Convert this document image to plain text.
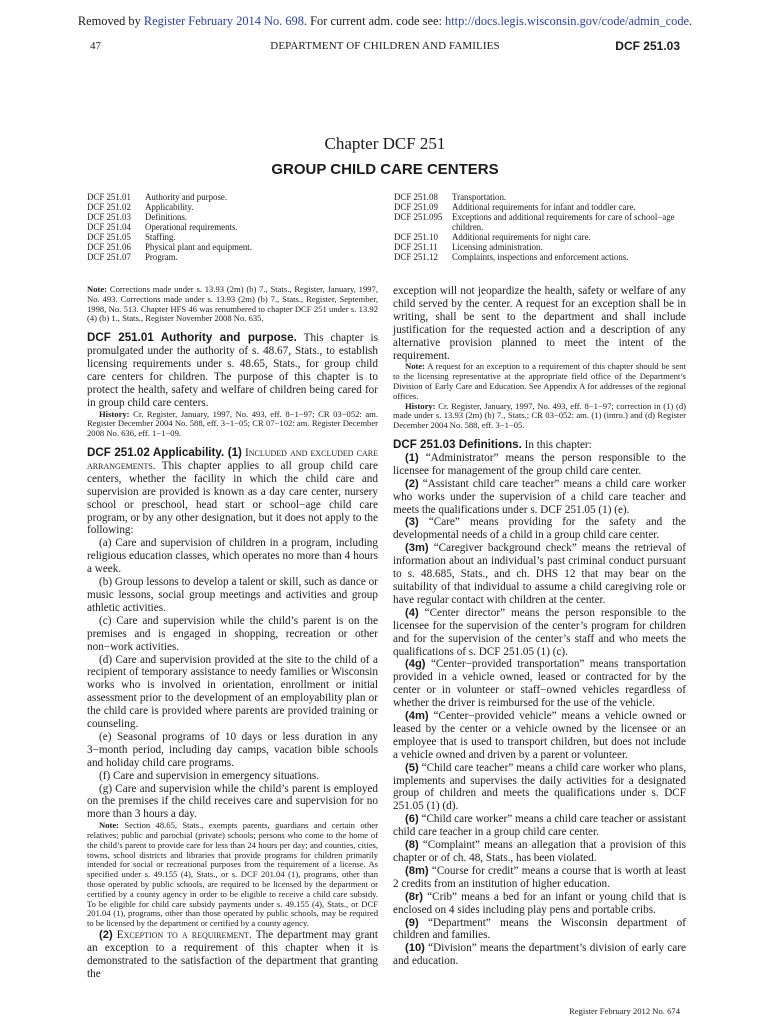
Removed by Register February 2014 No. 698. For current adm. code see: http://docs.legis.wisconsin.gov/code/admin_code.
47	DEPARTMENT OF CHILDREN AND FAMILIES	DCF 251.03
Chapter DCF 251
GROUP CHILD CARE CENTERS
DCF 251.01	Authority and purpose.
DCF 251.02	Applicability.
DCF 251.03	Definitions.
DCF 251.04	Operational requirements.
DCF 251.05	Staffing.
DCF 251.06	Physical plant and equipment.
DCF 251.07	Program.
DCF 251.08	Transportation.
DCF 251.09	Additional requirements for infant and toddler care.
DCF 251.095	Exceptions and additional requirements for care of school−age children.
DCF 251.10	Additional requirements for night care.
DCF 251.11	Licensing administration.
DCF 251.12	Complaints, inspections and enforcement actions.

Note: Corrections made under s. 13.93 (2m) (b) 7., Stats., Register, January, 1997, No. 493. Corrections made under s. 13.93 (2m) (b) 7., Stats., Register, September, 1998, No. 513. Chapter HFS 46 was renumbered to chapter DCF 251 under s. 13.92 (4) (b) 1., Stats., Register November 2008 No. 635.

DCF 251.01 Authority and purpose. This chapter is promulgated under the authority of s. 48.67, Stats., to establish licensing requirements under s. 48.65, Stats., for group child care centers for children. The purpose of this chapter is to protect the health, safety and welfare of children being cared for in group child care centers.

History: Cr. Register, January, 1997, No. 493, eff. 8−1−97; CR 03−052: am. Register December 2004 No. 588, eff. 3−1−05; CR 07−102: am. Register December 2008 No. 636, eff. 1−1−09.

DCF 251.02 Applicability. (1) Included and excluded care arrangements. This chapter applies to all group child care centers, whether the facility in which the child care and supervision are provided is known as a day care center, nursery school or preschool, head start or school−age child care program, or by any other designation, but it does not apply to the following:

(a) Care and supervision of children in a program, including religious education classes, which operates no more than 4 hours a week.

(b) Group lessons to develop a talent or skill, such as dance or music lessons, social group meetings and activities and group athletic activities.

(c) Care and supervision while the child’s parent is on the premises and is engaged in shopping, recreation or other non−work activities.

(d) Care and supervision provided at the site to the child of a recipient of temporary assistance to needy families or Wisconsin works who is involved in orientation, enrollment or initial assessment prior to the development of an employability plan or the child care is provided where parents are provided training or counseling.

(e) Seasonal programs of 10 days or less duration in any 3−month period, including day camps, vacation bible schools and holiday child care programs.

(f) Care and supervision in emergency situations.

(g) Care and supervision while the child’s parent is employed on the premises if the child receives care and supervision for no more than 3 hours a day.

Note: Section 48.65, Stats., exempts parents, guardians and certain other relatives; public and parochial (private) schools; persons who come to the home of the child’s parent to provide care for less than 24 hours per day; and counties, cities, towns, school districts and libraries that provide programs for children primarily intended for social or recreational purposes from the requirement of a license. As specified under s. 49.155 (4), Stats., or s. DCF 201.04 (1), programs, other than those operated by public schools, are required to be licensed by the department or certified by a county agency in order to be eligible to receive a child care subsidy. To be eligible for child care subsidy payments under s. 49.155 (4), Stats., or DCF 201.04 (1), programs, other than those operated by public schools, may be required to be licensed by the department or certified by a county agency.

(2) Exception to a requirement. The department may grant an exception to a requirement of this chapter when it is demonstrated to the satisfaction of the department that granting the

exception will not jeopardize the health, safety or welfare of any child served by the center. A request for an exception shall be in writing, shall be sent to the department and shall include justification for the requested action and a description of any alternative provision planned to meet the intent of the requirement.

Note: A request for an exception to a requirement of this chapter should be sent to the licensing representative at the appropriate field office of the Department’s Division of Early Care and Education. See Appendix A for addresses of the regional offices.

History: Cr. Register, January, 1997, No. 493, eff. 8−1−97; correction in (1) (d) made under s. 13.93 (2m) (b) 7., Stats.; CR 03−052: am. (1) (intro.) and (d) Register December 2004 No. 588, eff. 3−1−05.

DCF 251.03 Definitions. In this chapter:

(1) “Administrator” means the person responsible to the licensee for management of the group child care center.

(2) “Assistant child care teacher” means a child care worker who works under the supervision of a child care teacher and meets the qualifications under s. DCF 251.05 (1) (e).

(3) “Care” means providing for the safety and the developmental needs of a child in a group child care center.

(3m) “Caregiver background check” means the retrieval of information about an individual’s past criminal conduct pursuant to s. 48.685, Stats., and ch. DHS 12 that may bear on the suitability of that individual to assume a child caregiving role or have regular contact with children at the center.

(4) “Center director” means the person responsible to the licensee for the supervision of the center’s program for children and for the supervision of the center’s staff and who meets the qualifications of s. DCF 251.05 (1) (c).

(4g) “Center−provided transportation” means transportation provided in a vehicle owned, leased or contracted for by the center or in volunteer or staff−owned vehicles regardless of whether the driver is reimbursed for the use of the vehicle.

(4m) “Center−provided vehicle” means a vehicle owned or leased by the center or a vehicle owned by the licensee or an employee that is used to transport children, but does not include a vehicle owned and driven by a parent or volunteer.

(5) “Child care teacher” means a child care worker who plans, implements and supervises the daily activities for a designated group of children and meets the qualifications under s. DCF 251.05 (1) (d).

(6) “Child care worker” means a child care teacher or assistant child care teacher in a group child care center.

(8) “Complaint” means an allegation that a provision of this chapter or of ch. 48, Stats., has been violated.

(8m) “Course for credit” means a course that is worth at least 2 credits from an institution of higher education.

(8r) “Crib” means a bed for an infant or young child that is enclosed on 4 sides including play pens and portable cribs.

(9) “Department” means the Wisconsin department of children and families.

(10) “Division” means the department’s division of early care and education.

Register February 2012 No. 674
